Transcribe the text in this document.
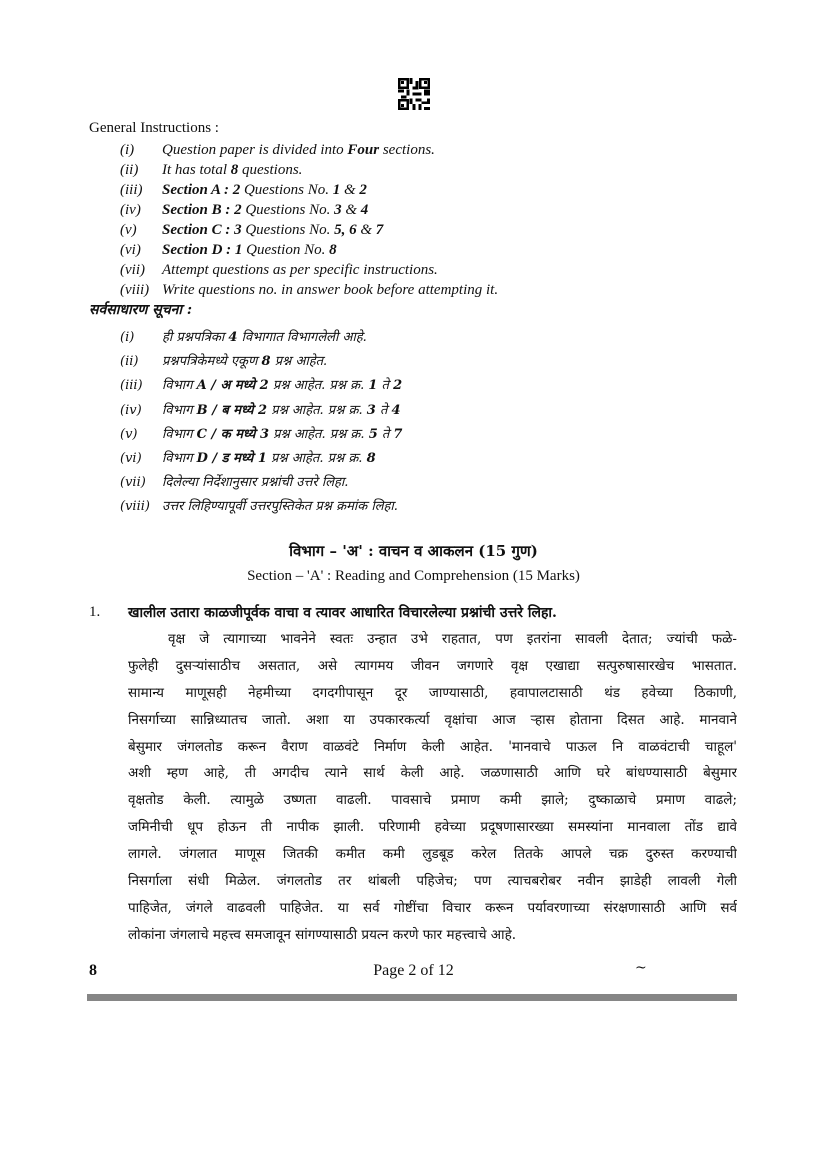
General Instructions :
(i)	Question paper is divided into Four sections.
(ii)	It has total 8 questions.
(iii)	Section A : 2 Questions No. 1 & 2
(iv)	Section B : 2 Questions No. 3 & 4
(v)	Section C : 3 Questions No. 5, 6 & 7
(vi)	Section D : 1 Question No. 8
(vii)	Attempt questions as per specific instructions.
(viii) Write questions no. in answer book before attempting it.
सर्वसाधारण सूचना :
(i)	ही प्रश्नपत्रिका 4 विभागात विभागलेली आहे.
(ii)	प्रश्नपत्रिकेमध्ये एकूण 8 प्रश्न आहेत.
(iii)	विभाग A / अ मध्ये 2 प्रश्न आहेत. प्रश्न क्र. 1 ते 2
(iv)	विभाग B / ब मध्ये 2 प्रश्न आहेत. प्रश्न क्र. 3 ते 4
(v)	विभाग C / क मध्ये 3 प्रश्न आहेत. प्रश्न क्र. 5 ते 7
(vi)	विभाग D / ड मध्ये 1 प्रश्न आहेत. प्रश्न क्र. 8
(vii)	दिलेल्या निर्देशानुसार प्रश्नांची उत्तरे लिहा.
(viii) उत्तर लिहिण्यापूर्वी उत्तरपुस्तिकेत प्रश्न क्रमांक लिहा.
विभाग – 'अ' : वाचन व आकलन (15 गुण)
Section – 'A' : Reading and Comprehension (15 Marks)
1. खालील उतारा काळजीपूर्वक वाचा व त्यावर आधारित विचारलेल्या प्रश्नांची उत्तरे लिहा.
वृक्ष जे त्यागाच्या भावनेने स्वतः उन्हात उभे राहतात, पण इतरांना सावली देतात; ज्यांची फळे-
फुलेही दुसऱ्यांसाठीच असतात, असे त्यागमय जीवन जगणारे वृक्ष एखाद्या सत्पुरुषासारखेच भासतात.
सामान्य माणूसही नेहमीच्या दगदगीपासून दूर जाण्यासाठी, हवापालटासाठी थंड हवेच्या ठिकाणी,
निसर्गाच्या सान्निध्यातच जातो. अशा या उपकारकर्त्या वृक्षांचा आज ऱ्हास होताना दिसत आहे. मानवाने
बेसुमार जंगलतोड करून वैराण वाळवंटे निर्माण केली आहेत. 'मानवाचे पाऊल नि वाळवंटाची चाहूल'
अशी म्हण आहे, ती अगदीच त्याने सार्थ केली आहे. जळणासाठी आणि घरे बांधण्यासाठी बेसुमार
वृक्षतोड केली. त्यामुळे उष्णता वाढली. पावसाचे प्रमाण कमी झाले; दुष्काळाचे प्रमाण वाढले;
जमिनीची धूप होऊन ती नापीक झाली. परिणामी हवेच्या प्रदूषणासारख्या समस्यांना मानवाला तोंड द्यावे
लागले. जंगलात माणूस जितकी कमीत कमी लुडबूड करेल तितके आपले चक्र दुरुस्त करण्याची
निसर्गाला संधी मिळेल. जंगलतोड तर थांबली पहिजेच; पण त्याचबरोबर नवीन झाडेही लावली गेली
पाहिजेत, जंगले वाढवली पाहिजेत. या सर्व गोष्टींचा विचार करून पर्यावरणाच्या संरक्षणासाठी आणि सर्व
लोकांना जंगलाचे महत्त्व समजावून सांगण्यासाठी प्रयत्न करणे फार महत्त्वाचे आहे.
8	Page 2 of 12	~
